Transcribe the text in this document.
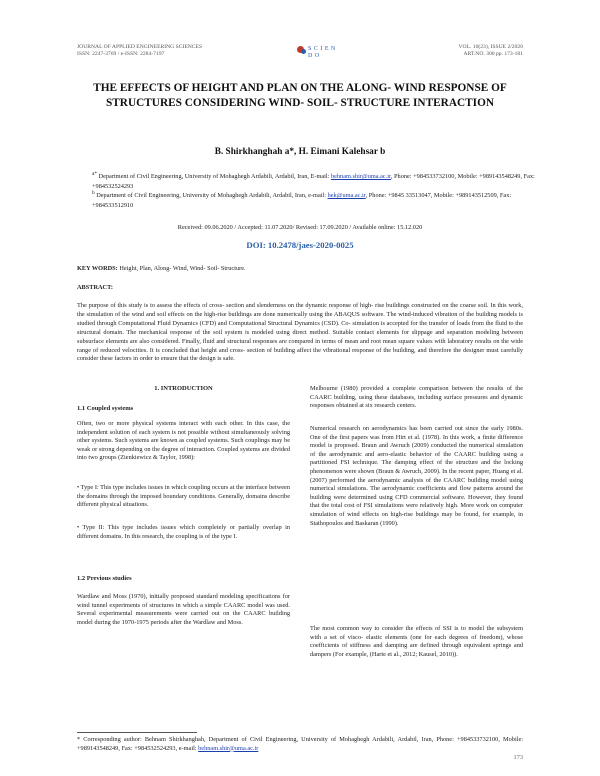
JOURNAL OF APPLIED ENGINEERING SCIENCES
ISSN: 2247-3769 / e-ISSN: 2284-7197
S C I E N D O
VOL. 10(23), ISSUE 2/2020
ART.NO. 300 pp. 173-181
THE EFFECTS OF HEIGHT AND PLAN ON THE ALONG- WIND RESPONSE OF STRUCTURES CONSIDERING WIND- SOIL- STRUCTURE INTERACTION
B. Shirkhanghah a*, H. Eimani Kalehsar b
$^{a*}$ Department of Civil Engineering, University of Mohaghegh Ardabili, Ardabil, Iran, E-mail: behnam.shir@uma.ac.ir, Phone: +984533732100, Mobile: +989143548249, Fax: +984532524293
$^b$ Department of Civil Engineering, University of Mohaghegh Ardabili, Ardabil, Iran, e-mail: hek@uma.ac.ir, Phone: +9845 33513047, Mobile: +989143512509, Fax: +984533512910
Received: 09.06.2020 / Accepted: 11.07.2020/ Revised: 17.09.2020 / Available online: 15.12.020
DOI: 10.2478/jaes-2020-0025
KEY WORDS: Height, Plan, Along- Wind, Wind- Soil- Structure.
ABSTRACT:
The purpose of this study is to assess the effects of cross- section and slenderness on the dynamic response of high- rise buildings constructed on the coarse soil. In this work, the simulation of the wind and soil effects on the high-rise buildings are done numerically using the ABAQUS software. The wind-induced vibration of the building models is studied through Computational Fluid Dynamics (CFD) and Computational Structural Dynamics (CSD). Co- simulation is accepted for the transfer of loads from the fluid to the structural domain. The mechanical response of the soil system is modeled using direct method. Suitable contact elements for slippage and separation modeling between subsurface elements are also considered. Finally, fluid and structural responses are compared in terms of mean and root mean square values with laboratory results on the wide range of reduced velocities. It is concluded that height and cross- section of building affect the vibrational response of the building, and therefore the designer must carefully consider these factors in order to ensure that the design is safe.
1. INTRODUCTION
1.1 Coupled systems
Often, two or more physical systems interact with each other. In this case, the independent solution of each system is not possible without simultaneously solving other systems. Such systems are known as coupled systems. Such couplings may be weak or strong depending on the degree of interaction. Coupled systems are divided into two groups (Zienkiewicz & Taylor, 1998):
• Type I: This type includes issues in which coupling occurs at the interface between the domains through the imposed boundary conditions. Generally, domains describe different physical situations.
• Type II: This type includes issues which completely or partially overlap in different domains. In this research, the coupling is of the type I.
1.2 Previous studies
Wardlaw and Moss (1970), initially proposed standard modeling specifications for wind tunnel experiments of structures in which a simple CAARC model was used. Several experimental measurements were carried out on the CAARC building model during the 1970-1975 periods after the Wardlaw and Moss.
Melbourne (1980) provided a complete comparison between the results of the CAARC building, using these databases, including surface pressures and dynamic responses obtained at six research centers.
Numerical research on aerodynamics has been carried out since the early 1980s. One of the first papers was from Hirt et al. (1978). In this work, a finite difference model is proposed. Braun and Awruch (2009) conducted the numerical simulation of the aerodynamic and aero-elastic behavior of the CAARC building using a partitioned FSI technique. The damping effect of the structure and the locking phenomenon were shown (Braun & Awruch, 2009). In the recent paper, Huang et al. (2007) performed the aerodynamic analysis of the CAARC building model using numerical simulations. The aerodynamic coefficients and flow patterns around the building were determined using CFD commercial software. However, they found that the total cost of FSI simulations were relatively high. More work on computer simulation of wind effects on high-rise buildings may be found, for example, in Stathopoulos and Baskaran (1990).
The most common way to consider the effects of SSI is to model the subsystem with a set of visco- elastic elements (one for each degrees of freedom), whose coefficients of stiffness and damping are defined through equivalent springs and dampers (For example, (Harte et al., 2012; Kausel, 2010)).
* Corresponding author: Behnam Shirkhanghah, Department of Civil Engineering, University of Mohaghegh Ardabili, Ardabil, Iran, Phone: +984533732100, Mobile: +989143548249, Fax: +984532524293, e-mail: behnam.shir@uma.ac.ir
173
